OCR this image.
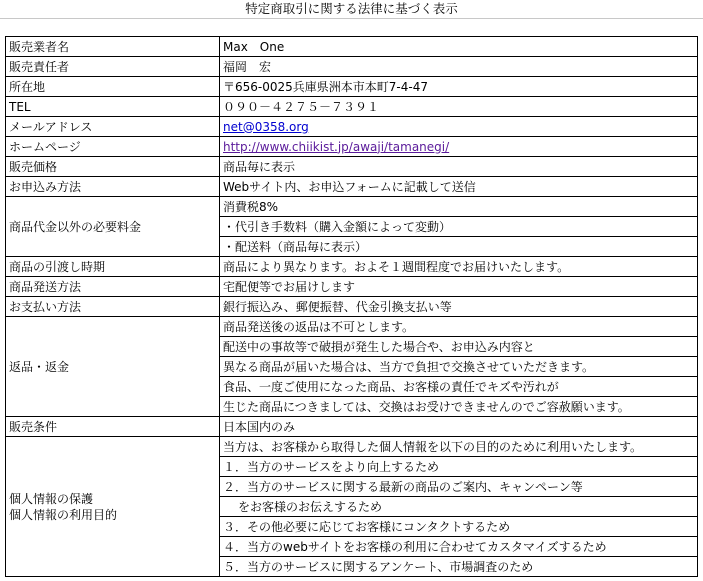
特定商取引に関する法律に基づく表示
販売業者名	Max　One
販売責任者	福岡　宏
所在地	〒656-0025兵庫県洲本市本町7-4-47
TEL	０９０－４２７５－７３９１
メールアドレス	net@0358.org
ホームページ	http://www.chiikist.jp/awaji/tamanegi/
販売価格	商品毎に表示
お申込み方法	Webサイト内、お申込フォームに記載して送信
商品代金以外の必要料金	消費税8%
	・代引き手数料（購入金額によって変動）
	・配送料（商品毎に表示）
商品の引渡し時期	商品により異なります。およそ１週間程度でお届けいたします。
商品発送方法	宅配便等でお届けします
お支払い方法	銀行振込み、郵便振替、代金引換支払い等
返品・返金	商品発送後の返品は不可とします。
	配送中の事故等で破損が発生した場合や、お申込み内容と
	異なる商品が届いた場合は、当方で負担で交換させていただきます。
	食品、一度ご使用になった商品、お客様の責任でキズや汚れが
	生じた商品につきましては、交換はお受けできませんのでご容赦願います。
販売条件	日本国内のみ

個人情報の保護
個人情報の利用目的	当方は、お客様から取得した個人情報を以下の目的のために利用いたします。
	１．当方のサービスをより向上するため
	２．当方のサービスに関する最新の商品のご案内、キャンペーン等
	をお客様のお伝えするため
	３．その他必要に応じてお客様にコンタクトするため
	４．当方のwebサイトをお客様の利用に合わせてカスタマイズするため
	５．当方のサービスに関するアンケート、市場調査のため
